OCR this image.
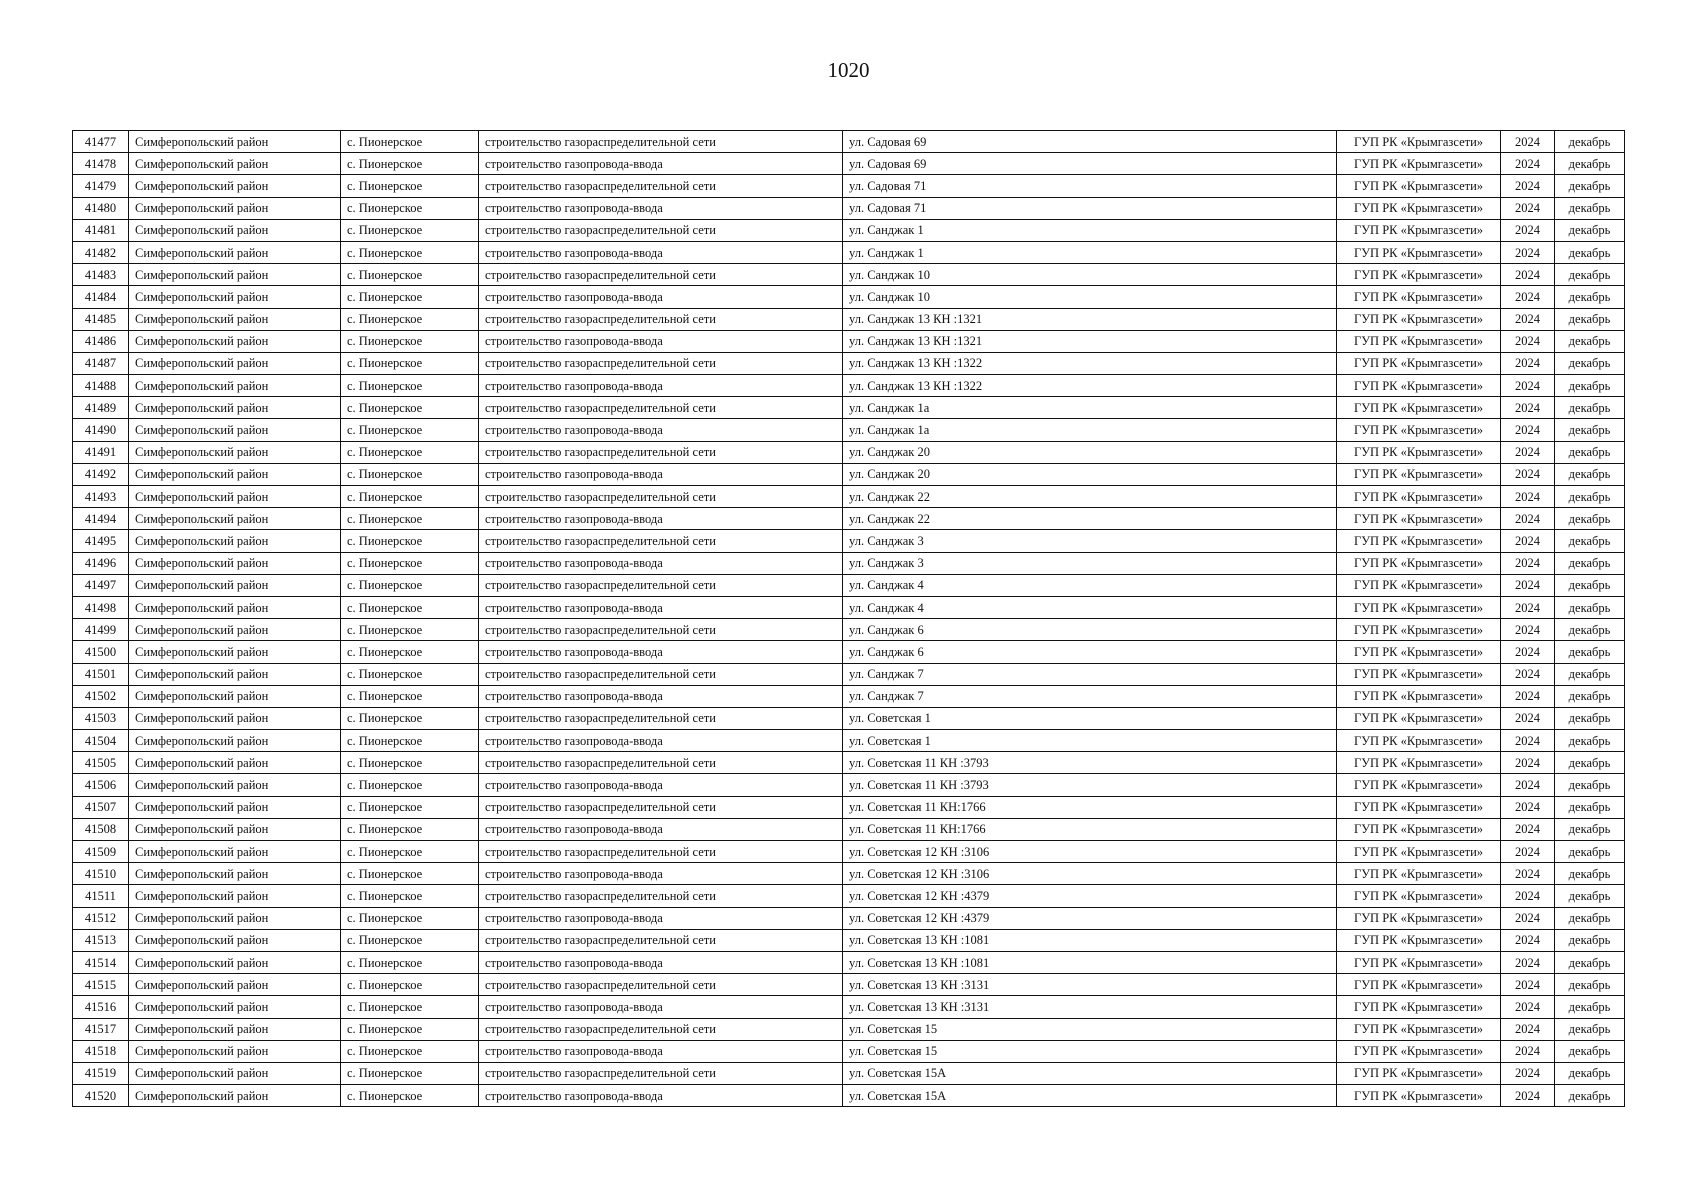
1020
41477	Симферопольский район	с. Пионерское	строительство газораспределительной сети	ул. Садовая 69	ГУП РК «Крымгазсети»	2024	декабрь
41478	Симферопольский район	с. Пионерское	строительство газопровода-ввода	ул. Садовая 69	ГУП РК «Крымгазсети»	2024	декабрь
41479	Симферопольский район	с. Пионерское	строительство газораспределительной сети	ул. Садовая 71	ГУП РК «Крымгазсети»	2024	декабрь
41480	Симферопольский район	с. Пионерское	строительство газопровода-ввода	ул. Садовая 71	ГУП РК «Крымгазсети»	2024	декабрь
41481	Симферопольский район	с. Пионерское	строительство газораспределительной сети	ул. Санджак 1	ГУП РК «Крымгазсети»	2024	декабрь
41482	Симферопольский район	с. Пионерское	строительство газопровода-ввода	ул. Санджак 1	ГУП РК «Крымгазсети»	2024	декабрь
41483	Симферопольский район	с. Пионерское	строительство газораспределительной сети	ул. Санджак 10	ГУП РК «Крымгазсети»	2024	декабрь
41484	Симферопольский район	с. Пионерское	строительство газопровода-ввода	ул. Санджак 10	ГУП РК «Крымгазсети»	2024	декабрь
41485	Симферопольский район	с. Пионерское	строительство газораспределительной сети	ул. Санджак 13 КН :1321	ГУП РК «Крымгазсети»	2024	декабрь
41486	Симферопольский район	с. Пионерское	строительство газопровода-ввода	ул. Санджак 13 КН :1321	ГУП РК «Крымгазсети»	2024	декабрь
41487	Симферопольский район	с. Пионерское	строительство газораспределительной сети	ул. Санджак 13 КН :1322	ГУП РК «Крымгазсети»	2024	декабрь
41488	Симферопольский район	с. Пионерское	строительство газопровода-ввода	ул. Санджак 13 КН :1322	ГУП РК «Крымгазсети»	2024	декабрь
41489	Симферопольский район	с. Пионерское	строительство газораспределительной сети	ул. Санджак 1а	ГУП РК «Крымгазсети»	2024	декабрь
41490	Симферопольский район	с. Пионерское	строительство газопровода-ввода	ул. Санджак 1а	ГУП РК «Крымгазсети»	2024	декабрь
41491	Симферопольский район	с. Пионерское	строительство газораспределительной сети	ул. Санджак 20	ГУП РК «Крымгазсети»	2024	декабрь
41492	Симферопольский район	с. Пионерское	строительство газопровода-ввода	ул. Санджак 20	ГУП РК «Крымгазсети»	2024	декабрь
41493	Симферопольский район	с. Пионерское	строительство газораспределительной сети	ул. Санджак 22	ГУП РК «Крымгазсети»	2024	декабрь
41494	Симферопольский район	с. Пионерское	строительство газопровода-ввода	ул. Санджак 22	ГУП РК «Крымгазсети»	2024	декабрь
41495	Симферопольский район	с. Пионерское	строительство газораспределительной сети	ул. Санджак 3	ГУП РК «Крымгазсети»	2024	декабрь
41496	Симферопольский район	с. Пионерское	строительство газопровода-ввода	ул. Санджак 3	ГУП РК «Крымгазсети»	2024	декабрь
41497	Симферопольский район	с. Пионерское	строительство газораспределительной сети	ул. Санджак 4	ГУП РК «Крымгазсети»	2024	декабрь
41498	Симферопольский район	с. Пионерское	строительство газопровода-ввода	ул. Санджак 4	ГУП РК «Крымгазсети»	2024	декабрь
41499	Симферопольский район	с. Пионерское	строительство газораспределительной сети	ул. Санджак 6	ГУП РК «Крымгазсети»	2024	декабрь
41500	Симферопольский район	с. Пионерское	строительство газопровода-ввода	ул. Санджак 6	ГУП РК «Крымгазсети»	2024	декабрь
41501	Симферопольский район	с. Пионерское	строительство газораспределительной сети	ул. Санджак 7	ГУП РК «Крымгазсети»	2024	декабрь
41502	Симферопольский район	с. Пионерское	строительство газопровода-ввода	ул. Санджак 7	ГУП РК «Крымгазсети»	2024	декабрь
41503	Симферопольский район	с. Пионерское	строительство газораспределительной сети	ул. Советская 1	ГУП РК «Крымгазсети»	2024	декабрь
41504	Симферопольский район	с. Пионерское	строительство газопровода-ввода	ул. Советская 1	ГУП РК «Крымгазсети»	2024	декабрь
41505	Симферопольский район	с. Пионерское	строительство газораспределительной сети	ул. Советская 11 КН :3793	ГУП РК «Крымгазсети»	2024	декабрь
41506	Симферопольский район	с. Пионерское	строительство газопровода-ввода	ул. Советская 11 КН :3793	ГУП РК «Крымгазсети»	2024	декабрь
41507	Симферопольский район	с. Пионерское	строительство газораспределительной сети	ул. Советская 11 КН:1766	ГУП РК «Крымгазсети»	2024	декабрь
41508	Симферопольский район	с. Пионерское	строительство газопровода-ввода	ул. Советская 11 КН:1766	ГУП РК «Крымгазсети»	2024	декабрь
41509	Симферопольский район	с. Пионерское	строительство газораспределительной сети	ул. Советская 12 КН :3106	ГУП РК «Крымгазсети»	2024	декабрь
41510	Симферопольский район	с. Пионерское	строительство газопровода-ввода	ул. Советская 12 КН :3106	ГУП РК «Крымгазсети»	2024	декабрь
41511	Симферопольский район	с. Пионерское	строительство газораспределительной сети	ул. Советская 12 КН :4379	ГУП РК «Крымгазсети»	2024	декабрь
41512	Симферопольский район	с. Пионерское	строительство газопровода-ввода	ул. Советская 12 КН :4379	ГУП РК «Крымгазсети»	2024	декабрь
41513	Симферопольский район	с. Пионерское	строительство газораспределительной сети	ул. Советская 13 КН :1081	ГУП РК «Крымгазсети»	2024	декабрь
41514	Симферопольский район	с. Пионерское	строительство газопровода-ввода	ул. Советская 13 КН :1081	ГУП РК «Крымгазсети»	2024	декабрь
41515	Симферопольский район	с. Пионерское	строительство газораспределительной сети	ул. Советская 13 КН :3131	ГУП РК «Крымгазсети»	2024	декабрь
41516	Симферопольский район	с. Пионерское	строительство газопровода-ввода	ул. Советская 13 КН :3131	ГУП РК «Крымгазсети»	2024	декабрь
41517	Симферопольский район	с. Пионерское	строительство газораспределительной сети	ул. Советская 15	ГУП РК «Крымгазсети»	2024	декабрь
41518	Симферопольский район	с. Пионерское	строительство газопровода-ввода	ул. Советская 15	ГУП РК «Крымгазсети»	2024	декабрь
41519	Симферопольский район	с. Пионерское	строительство газораспределительной сети	ул. Советская 15А	ГУП РК «Крымгазсети»	2024	декабрь
41520	Симферопольский район	с. Пионерское	строительство газопровода-ввода	ул. Советская 15А	ГУП РК «Крымгазсети»	2024	декабрь
